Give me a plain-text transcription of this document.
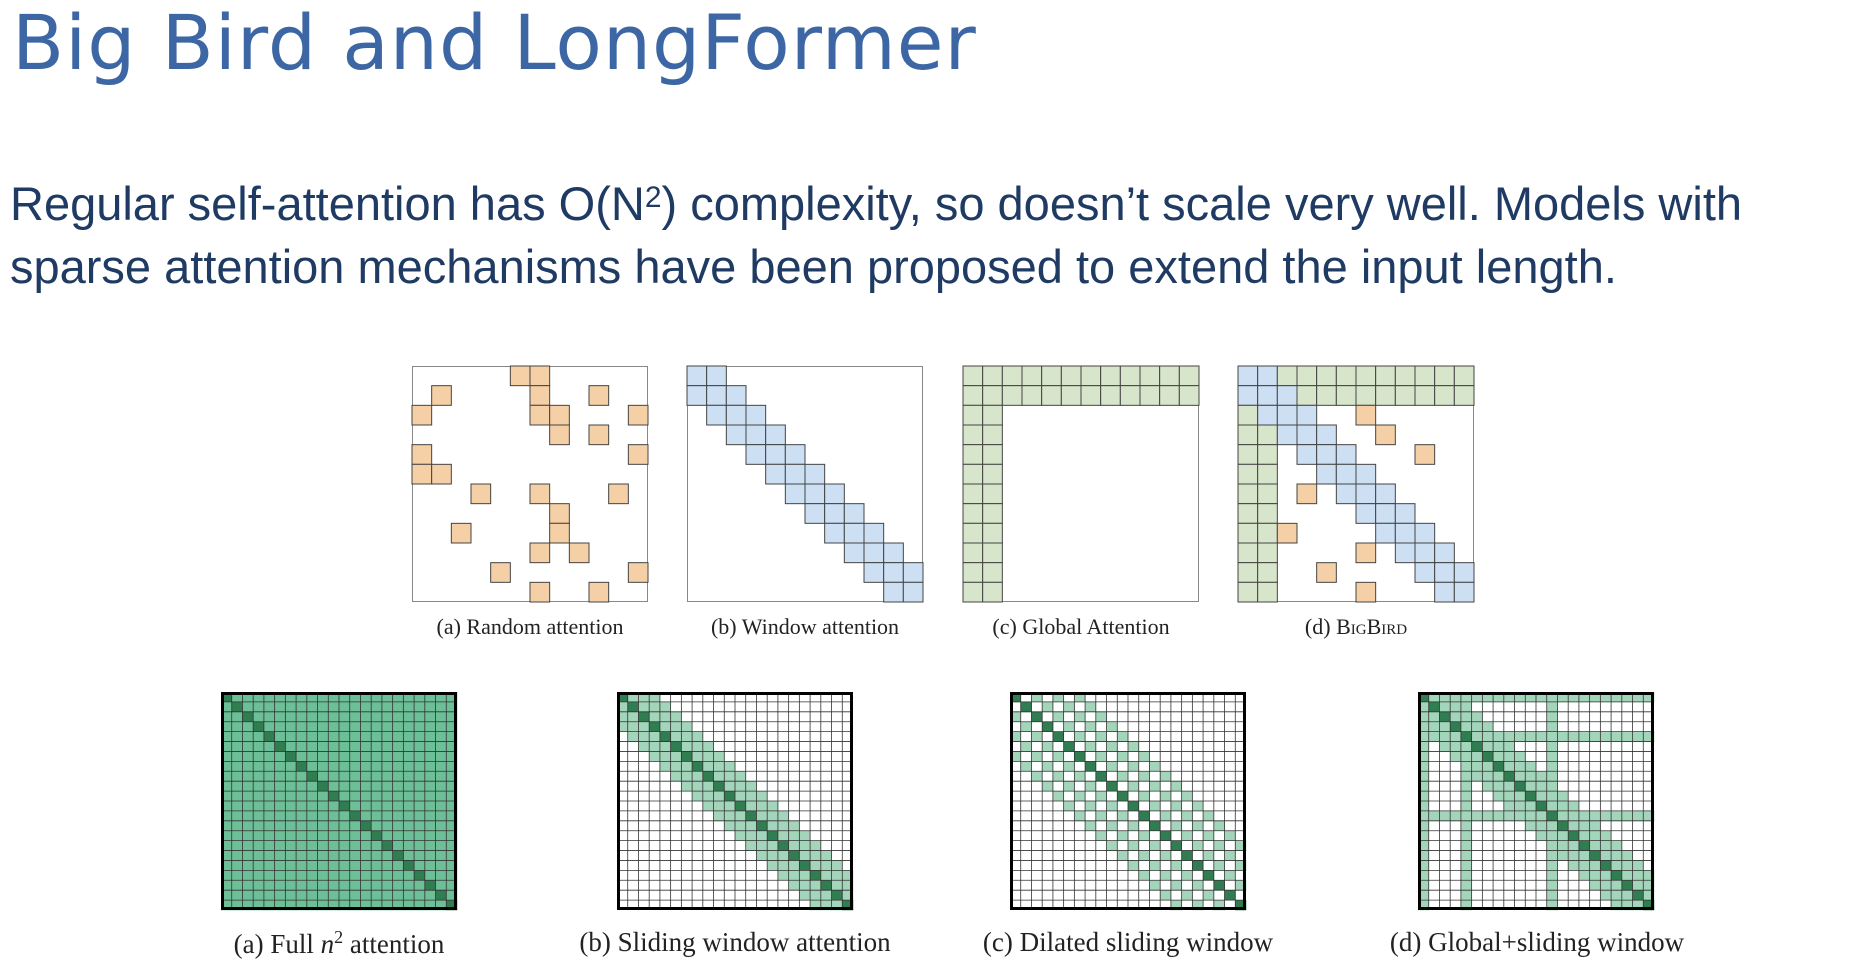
Big Bird and LongFormer

Regular self-attention has $O(N^2)$ complexity, so doesn’t scale very well. Models with sparse attention mechanisms have been proposed to extend the input length.

(a) Random attention	(b) Window attention	(c) Global Attention	(d) BigBird
(a) Full $n^2$ attention	(b) Sliding window attention	(c) Dilated sliding window	(d) Global+sliding window
